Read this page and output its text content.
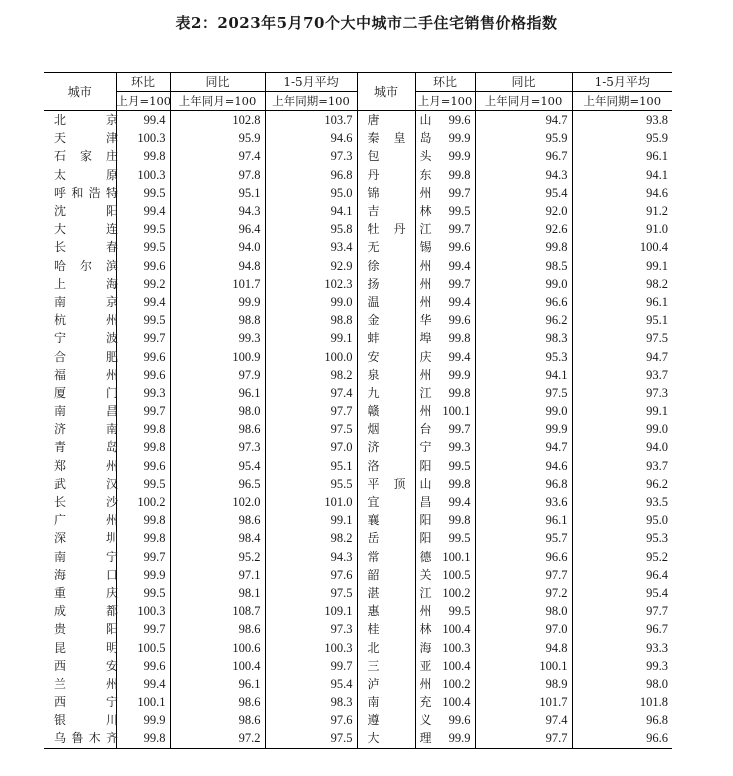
表2：2023年5月70个大中城市二手住宅销售价格指数
城市	环比	同比	1-5月平均	城市	环比	同比	1-5月平均
	上月=100	上年同月=100	上年同期=100		上月=100	上年同月=100	上年同期=100
北　京	99.4	102.8	103.7	唐　山	99.6	94.7	93.8
天　津	100.3	95.9	94.6	秦皇岛	99.9	95.9	95.9
石家庄	99.8	97.4	97.3	包　头	99.9	96.7	96.1
太　原	100.3	97.8	96.8	丹　东	99.8	94.3	94.1
呼和浩特	99.5	95.1	95.0	锦　州	99.7	95.4	94.6
沈　阳	99.4	94.3	94.1	吉　林	99.5	92.0	91.2
大　连	99.5	96.4	95.8	牡丹江	99.7	92.6	91.0
长　春	99.5	94.0	93.4	无　锡	99.6	99.8	100.4
哈尔滨	99.6	94.8	92.9	徐　州	99.4	98.5	99.1
上　海	99.2	101.7	102.3	扬　州	99.7	99.0	98.2
南　京	99.4	99.9	99.0	温　州	99.4	96.6	96.1
杭　州	99.5	98.8	98.8	金　华	99.6	96.2	95.1
宁　波	99.7	99.3	99.1	蚌　埠	99.8	98.3	97.5
合　肥	99.6	100.9	100.0	安　庆	99.4	95.3	94.7
福　州	99.6	97.9	98.2	泉　州	99.9	94.1	93.7
厦　门	99.3	96.1	97.4	九　江	99.8	97.5	97.3
南　昌	99.7	98.0	97.7	赣　州	100.1	99.0	99.1
济　南	99.8	98.6	97.5	烟　台	99.7	99.9	99.0
青　岛	99.8	97.3	97.0	济　宁	99.3	94.7	94.0
郑　州	99.6	95.4	95.1	洛　阳	99.5	94.6	93.7
武　汉	99.5	96.5	95.5	平顶山	99.8	96.8	96.2
长　沙	100.2	102.0	101.0	宜　昌	99.4	93.6	93.5
广　州	99.8	98.6	99.1	襄　阳	99.8	96.1	95.0
深　圳	99.8	98.4	98.2	岳　阳	99.5	95.7	95.3
南　宁	99.7	95.2	94.3	常　德	100.1	96.6	95.2
海　口	99.9	97.1	97.6	韶　关	100.5	97.7	96.4
重　庆	99.5	98.1	97.5	湛　江	100.2	97.2	95.4
成　都	100.3	108.7	109.1	惠　州	99.5	98.0	97.7
贵　阳	99.7	98.6	97.3	桂　林	100.4	97.0	96.7
昆　明	100.5	100.6	100.3	北　海	100.3	94.8	93.3
西　安	99.6	100.4	99.7	三　亚	100.4	100.1	99.3
兰　州	99.4	96.1	95.4	泸　州	100.2	98.9	98.0
西　宁	100.1	98.6	98.3	南　充	100.4	101.7	101.8
银　川	99.9	98.6	97.6	遵　义	99.6	97.4	96.8
乌鲁木齐	99.8	97.2	97.5	大　理	99.9	97.7	96.6
